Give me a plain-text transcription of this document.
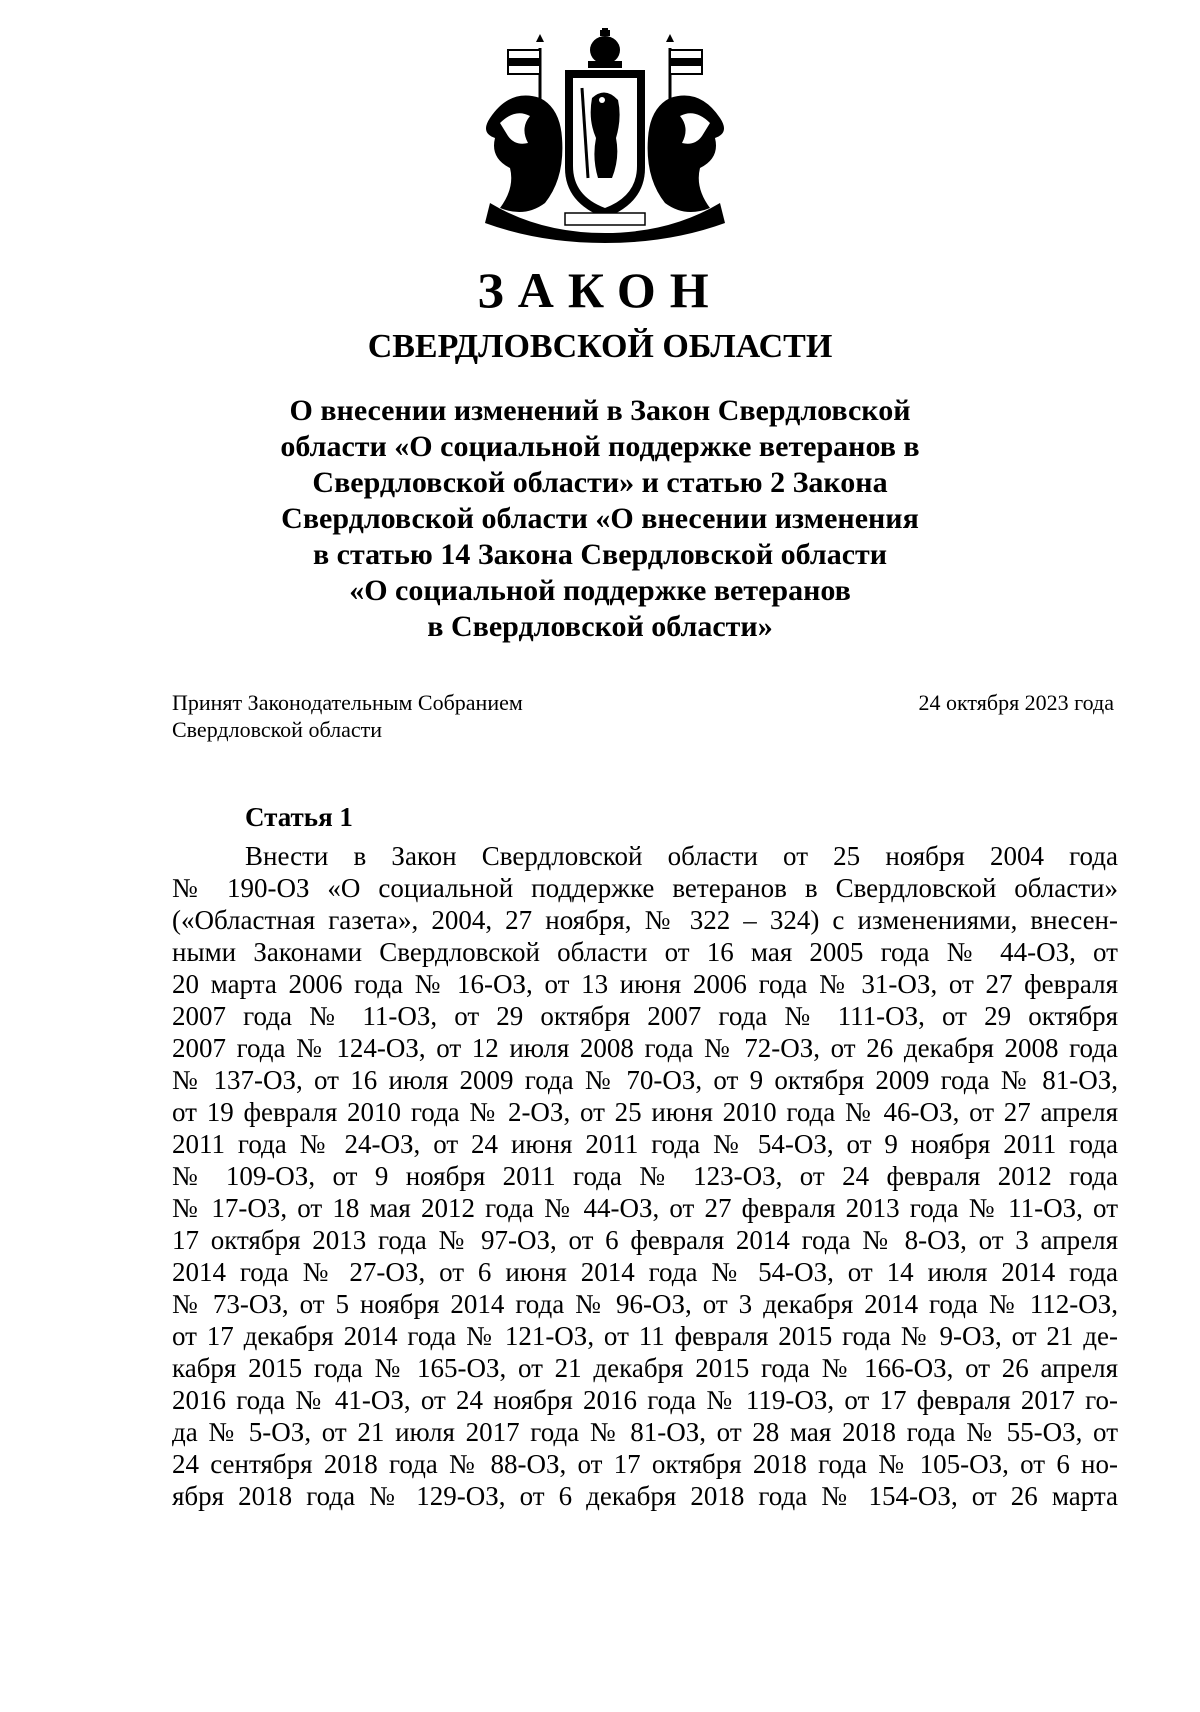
ЗАКОН
СВЕРДЛОВСКОЙ ОБЛАСТИ
О внесении изменений в Закон Свердловской
области «О социальной поддержке ветеранов в
Свердловской области» и статью 2 Закона
Свердловской области «О внесении изменения
в статью 14 Закона Свердловской области
«О социальной поддержке ветеранов
в Свердловской области»
Принят Законодательным Собранием
Свердловской области
24 октября 2023 года
Статья 1
Внести в Закон Свердловской области от 25 ноября 2004 года
№ 190-ОЗ «О социальной поддержке ветеранов в Свердловской области»
(«Областная газета», 2004, 27 ноября, № 322 – 324) с изменениями, внесен-
ными Законами Свердловской области от 16 мая 2005 года № 44-ОЗ, от
20 марта 2006 года № 16-ОЗ, от 13 июня 2006 года № 31-ОЗ, от 27 февраля
2007 года № 11-ОЗ, от 29 октября 2007 года № 111-ОЗ, от 29 октября
2007 года № 124-ОЗ, от 12 июля 2008 года № 72-ОЗ, от 26 декабря 2008 года
№ 137-ОЗ, от 16 июля 2009 года № 70-ОЗ, от 9 октября 2009 года № 81-ОЗ,
от 19 февраля 2010 года № 2-ОЗ, от 25 июня 2010 года № 46-ОЗ, от 27 апреля
2011 года № 24-ОЗ, от 24 июня 2011 года № 54-ОЗ, от 9 ноября 2011 года
№ 109-ОЗ, от 9 ноября 2011 года № 123-ОЗ, от 24 февраля 2012 года
№ 17-ОЗ, от 18 мая 2012 года № 44-ОЗ, от 27 февраля 2013 года № 11-ОЗ, от
17 октября 2013 года № 97-ОЗ, от 6 февраля 2014 года № 8-ОЗ, от 3 апреля
2014 года № 27-ОЗ, от 6 июня 2014 года № 54-ОЗ, от 14 июля 2014 года
№ 73-ОЗ, от 5 ноября 2014 года № 96-ОЗ, от 3 декабря 2014 года № 112-ОЗ,
от 17 декабря 2014 года № 121-ОЗ, от 11 февраля 2015 года № 9-ОЗ, от 21 де-
кабря 2015 года № 165-ОЗ, от 21 декабря 2015 года № 166-ОЗ, от 26 апреля
2016 года № 41-ОЗ, от 24 ноября 2016 года № 119-ОЗ, от 17 февраля 2017 го-
да № 5-ОЗ, от 21 июля 2017 года № 81-ОЗ, от 28 мая 2018 года № 55-ОЗ, от
24 сентября 2018 года № 88-ОЗ, от 17 октября 2018 года № 105-ОЗ, от 6 но-
ября 2018 года № 129-ОЗ, от 6 декабря 2018 года № 154-ОЗ, от 26 марта
